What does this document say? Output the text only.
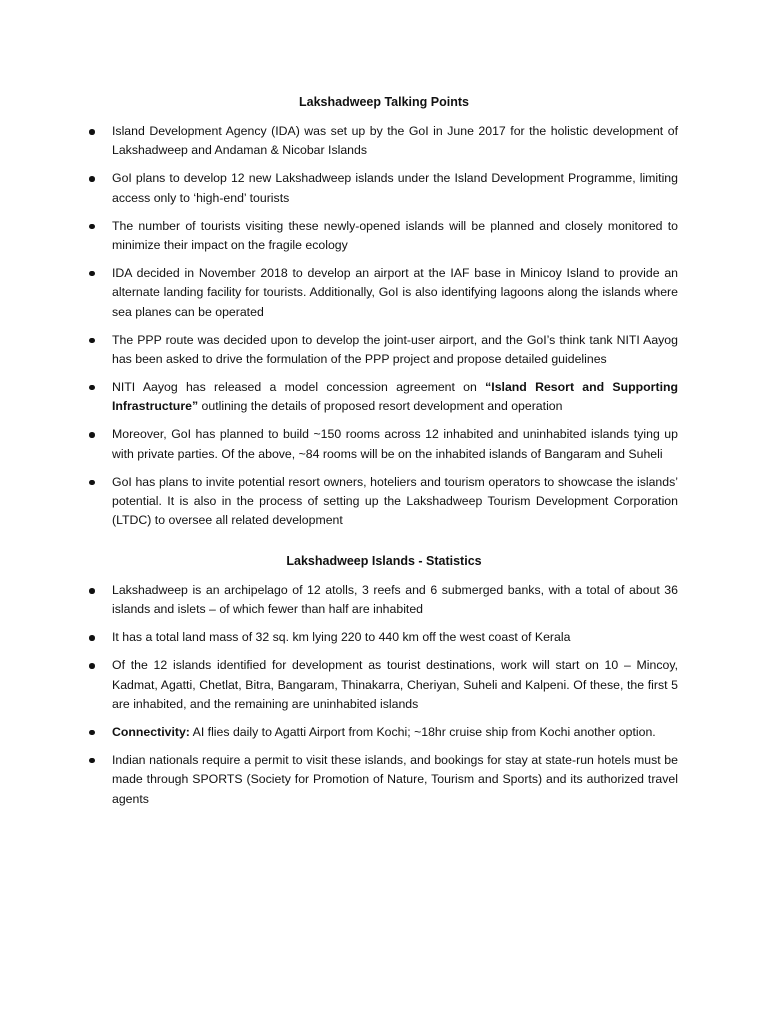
Lakshadweep Talking Points
Island Development Agency (IDA) was set up by the GoI in June 2017 for the holistic development of Lakshadweep and Andaman & Nicobar Islands
GoI plans to develop 12 new Lakshadweep islands under the Island Development Programme, limiting access only to ‘high-end’ tourists
The number of tourists visiting these newly-opened islands will be planned and closely monitored to minimize their impact on the fragile ecology
IDA decided in November 2018 to develop an airport at the IAF base in Minicoy Island to provide an alternate landing facility for tourists. Additionally, GoI is also identifying lagoons along the islands where sea planes can be operated
The PPP route was decided upon to develop the joint-user airport, and the GoI’s think tank NITI Aayog has been asked to drive the formulation of the PPP project and propose detailed guidelines
NITI Aayog has released a model concession agreement on “Island Resort and Supporting Infrastructure” outlining the details of proposed resort development and operation
Moreover, GoI has planned to build ~150 rooms across 12 inhabited and uninhabited islands tying up with private parties. Of the above, ~84 rooms will be on the inhabited islands of Bangaram and Suheli
GoI has plans to invite potential resort owners, hoteliers and tourism operators to showcase the islands’ potential. It is also in the process of setting up the Lakshadweep Tourism Development Corporation (LTDC) to oversee all related development
Lakshadweep Islands - Statistics
Lakshadweep is an archipelago of 12 atolls, 3 reefs and 6 submerged banks, with a total of about 36 islands and islets – of which fewer than half are inhabited
It has a total land mass of 32 sq. km lying 220 to 440 km off the west coast of Kerala
Of the 12 islands identified for development as tourist destinations, work will start on 10 – Mincoy, Kadmat, Agatti, Chetlat, Bitra, Bangaram, Thinakarra, Cheriyan, Suheli and Kalpeni. Of these, the first 5 are inhabited, and the remaining are uninhabited islands
Connectivity: AI flies daily to Agatti Airport from Kochi; ~18hr cruise ship from Kochi another option.
Indian nationals require a permit to visit these islands, and bookings for stay at state-run hotels must be made through SPORTS (Society for Promotion of Nature, Tourism and Sports) and its authorized travel agents
